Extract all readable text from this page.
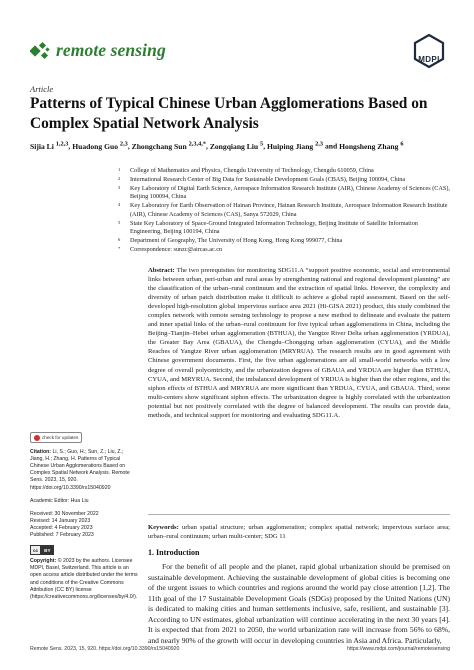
remote sensing	MDPI
Article
Patterns of Typical Chinese Urban Agglomerations Based on Complex Spatial Network Analysis
Sijia Li $^{1,2,3}$, Huadong Guo $^{2,3}$, Zhongchang Sun $^{2,3,4,*}$, Zongqiang Liu $^5$, Huiping Jiang $^{2,3}$ and Hongsheng Zhang $^6$
1 College of Mathematics and Physics, Chengdu University of Technology, Chengdu 610059, China
2 International Research Center of Big Data for Sustainable Development Goals (CBAS), Beijing 100094, China
3 Key Laboratory of Digital Earth Science, Aerospace Information Research Institute (AIR), Chinese Academy of Sciences (CAS), Beijing 100094, China
4 Key Laboratory for Earth Observation of Hainan Province, Hainan Research Institute, Aerospace Information Research Institute (AIR), Chinese Academy of Sciences (CAS), Sanya 572029, China
5 State Key Laboratory of Space-Ground Integrated Information Technology, Beijing Institute of Satellite Information Engineering, Beijing 100194, China
6 Department of Geography, The University of Hong Kong, Hong Kong 999077, China
* Correspondence: sunzc@aircas.ac.cn
Abstract: The two prerequisites for monitoring SDG11.A “support positive economic, social and environmental links between urban, peri-urban and rural areas by strengthening national and regional development planning” are the classification of the urban–rural continuum and the extraction of spatial links. However, the complexity and diversity of urban patch distribution make it difficult to achieve a global rapid assessment. Based on the self-developed high-resolution global impervious surface area 2021 (Hi-GISA 2021) product, this study combined the complex network with remote sensing technology to propose a new method to delineate and evaluate the pattern and inner spatial links of the urban–rural continuum for five typical urban agglomerations in China, including the Beijing–Tianjin–Hebei urban agglomeration (BTHUA), the Yangtze River Delta urban agglomeration (YRDUA), the Greater Bay Area (GBAUA), the Chengdu–Chongqing urban agglomeration (CYUA), and the Middle Reaches of Yangtze River urban agglomeration (MRYRUA). The research results are in good agreement with Chinese government documents. First, the five urban agglomerations are all small-world networks with a low degree of overall polycentricity, and the urbanization degrees of GBAUA and YRDUA are higher than BTHUA, CYUA, and MRYRUA. Second, the imbalanced development of YRDUA is higher than the other regions, and the siphon effects of BTHUA and MRYRUA are more significant than YRDUA, CYUA, and GBAUA. Third, some multi-centers show significant siphon effects. The urbanization degree is highly correlated with the urbanization potential but not positively correlated with the degree of balanced development. The results can provide data, methods, and technical support for monitoring and evaluating SDG11.A.
Keywords: urban spatial structure; urban agglomeration; complex spatial network; impervious surface area; urban–rural continuum; urban multi-center; SDG 11
check for updates
Citation: Li, S.; Guo, H.; Sun, Z.; Liu, Z.; Jiang, H.; Zhang, H. Patterns of Typical Chinese Urban Agglomerations Based on Complex Spatial Network Analysis. Remote Sens. 2023, 15, 920. https://doi.org/10.3390/rs15040920
Academic Editor: Hua Liu
Received: 30 November 2022
Revised: 14 January 2023
Accepted: 4 February 2023
Published: 7 February 2023
cc	BY
Copyright: © 2023 by the authors. Licensee MDPI, Basel, Switzerland. This article is an open access article distributed under the terms and conditions of the Creative Commons Attribution (CC BY) license (https://creativecommons.org/licenses/by/4.0/).
1. Introduction
For the benefit of all people and the planet, rapid global urbanization should be premised on sustainable development. Achieving the sustainable development of global cities is becoming one of the urgent issues to which countries and regions around the world pay close attention [1,2]. The 11th goal of the 17 Sustainable Development Goals (SDGs) proposed by the United Nations (UN) is dedicated to making cities and human settlements inclusive, safe, resilient, and sustainable [3]. According to UN estimates, global urbanization will continue accelerating in the next 30 years [4]. It is expected that from 2021 to 2050, the world urbanization rate will increase from 56% to 68%, and nearly 90% of the growth will occur in developing countries in Asia and Africa. Particularly,
Remote Sens. 2023, 15, 920. https://doi.org/10.3390/rs15040920	https://www.mdpi.com/journal/remotesensing
